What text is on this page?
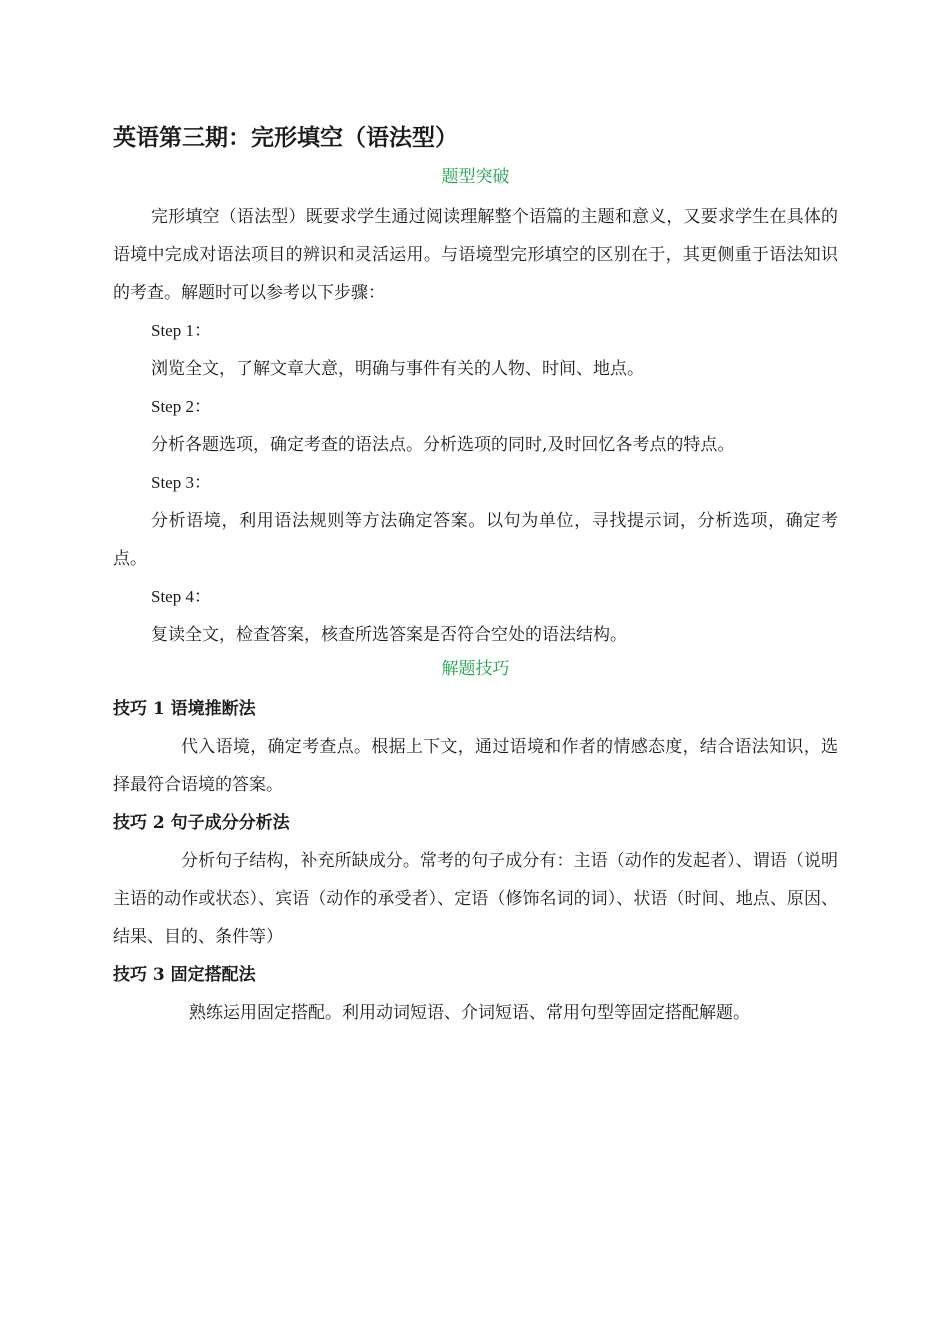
英语第三期：完形填空（语法型）
题型突破

完形填空（语法型）既要求学生通过阅读理解整个语篇的主题和意义，又要求学生在具体的语境中完成对语法项目的辨识和灵活运用。与语境型完形填空的区别在于，其更侧重于语法知识的考查。解题时可以参考以下步骤：

Step 1：

浏览全文，了解文章大意，明确与事件有关的人物、时间、地点。

Step 2：

分析各题选项，确定考查的语法点。分析选项的同时,及时回忆各考点的特点。

Step 3：

分析语境，利用语法规则等方法确定答案。以句为单位，寻找提示词，分析选项，确定考点。

Step 4：

复读全文，检查答案，核查所选答案是否符合空处的语法结构。

解题技巧

技巧 1 语境推断法

代入语境，确定考查点。根据上下文，通过语境和作者的情感态度，结合语法知识，选择最符合语境的答案。

技巧 2 句子成分分析法

分析句子结构，补充所缺成分。常考的句子成分有：主语（动作的发起者）、谓语（说明主语的动作或状态）、宾语（动作的承受者）、定语（修饰名词的词）、状语（时间、地点、原因、结果、目的、条件等）

技巧 3 固定搭配法

熟练运用固定搭配。利用动词短语、介词短语、常用句型等固定搭配解题。
